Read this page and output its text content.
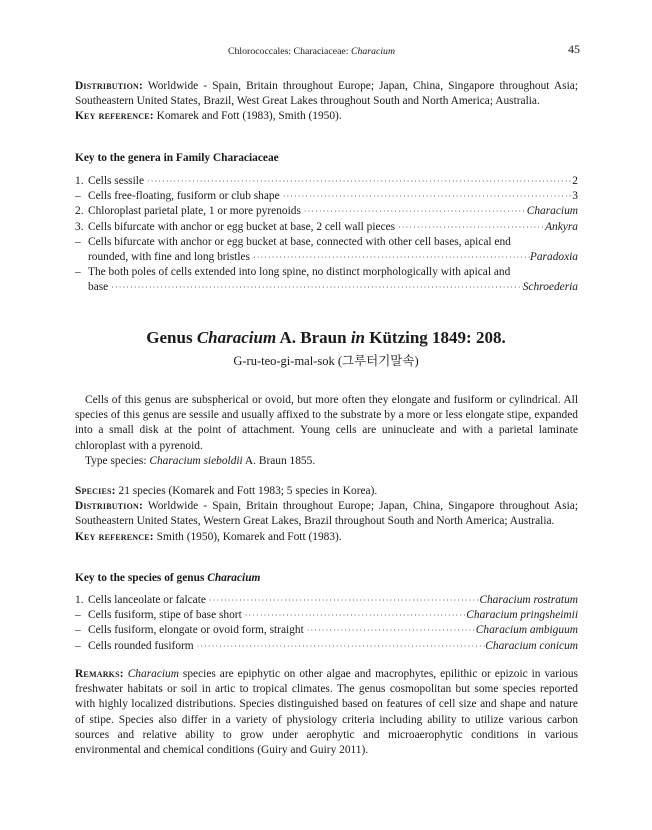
Chlorococcales: Characiaceae: Characium	45

Distribution: Worldwide - Spain, Britain throughout Europe; Japan, China, Singapore throughout Asia; Southeastern United States, Brazil, West Great Lakes throughout South and North America; Australia.

Key reference: Komarek and Fott (1983), Smith (1950).

Key to the genera in Family Characiaceae
1. Cells sessile ·····	2
– Cells free-floating, fusiform or club shape ·····	3
2. Chloroplast parietal plate, 1 or more pyrenoids ·····	Characium
3. Cells bifurcate with anchor or egg bucket at base, 2 cell wall pieces ·····	Ankyra
– Cells bifurcate with anchor or egg bucket at base, connected with other cell bases, apical end
rounded, with fine and long bristles ·····	Paradoxia
– The both poles of cells extended into long spine, no distinct morphologically with apical and
base ·····	Schroederia
Genus Characium A. Braun in Kützing 1849: 208.
G-ru-teo-gi-mal-sok (그루터기말속)

Cells of this genus are subspherical or ovoid, but more often they elongate and fusiform or cylindrical. All species of this genus are sessile and usually affixed to the substrate by a more or less elongate stipe, expanded into a small disk at the point of attachment. Young cells are uninucleate and with a parietal laminate chloroplast with a pyrenoid.

Type species: Characium sieboldii A. Braun 1855.

Species: 21 species (Komarek and Fott 1983; 5 species in Korea).

Distribution: Worldwide - Spain, Britain throughout Europe; Japan, China, Singapore throughout Asia; Southeastern United States, Western Great Lakes, Brazil throughout South and North America; Australia.

Key reference: Smith (1950), Komarek and Fott (1983).

Key to the species of genus Characium
1. Cells lanceolate or falcate ·····	Characium rostratum
– Cells fusiform, stipe of base short ·····	Characium pringsheimii
– Cells fusiform, elongate or ovoid form, straight ·····	Characium ambiguum
– Cells rounded fusiform ·····	Characium conicum

Remarks: Characium species are epiphytic on other algae and macrophytes, epilithic or epizoic in various freshwater habitats or soil in artic to tropical climates. The genus cosmopolitan but some species reported with highly localized distributions. Species distinguished based on features of cell size and shape and nature of stipe. Species also differ in a variety of physiology criteria including ability to utilize various carbon sources and relative ability to grow under aerophytic and microaerophytic conditions in various environmental and chemical conditions (Guiry and Guiry 2011).
